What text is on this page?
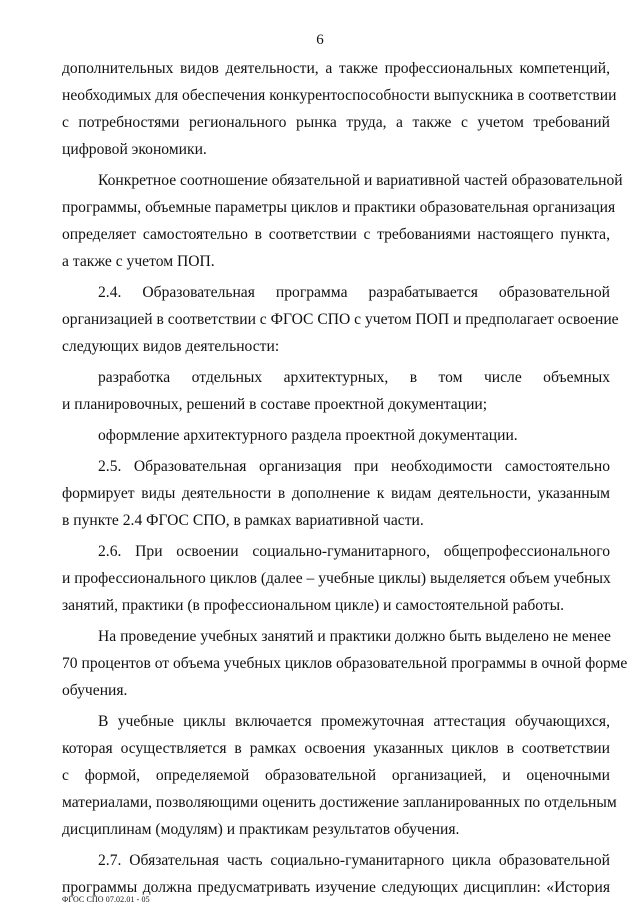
6
дополнительных видов деятельности, а также профессиональных компетенций,
необходимых для обеспечения конкурентоспособности выпускника в соответствии
с потребностями регионального рынка труда, а также с учетом требований
цифровой экономики.
Конкретное соотношение обязательной и вариативной частей образовательной
программы, объемные параметры циклов и практики образовательная организация
определяет самостоятельно в соответствии с требованиями настоящего пункта,
а также с учетом ПОП.
2.4. Образовательная программа разрабатывается образовательной
организацией в соответствии с ФГОС СПО с учетом ПОП и предполагает освоение
следующих видов деятельности:
разработка отдельных архитектурных, в том числе объемных
и планировочных, решений в составе проектной документации;
оформление архитектурного раздела проектной документации.
2.5. Образовательная организация при необходимости самостоятельно
формирует виды деятельности в дополнение к видам деятельности, указанным
в пункте 2.4 ФГОС СПО, в рамках вариативной части.
2.6. При освоении социально-гуманитарного, общепрофессионального
и профессионального циклов (далее – учебные циклы) выделяется объем учебных
занятий, практики (в профессиональном цикле) и самостоятельной работы.
На проведение учебных занятий и практики должно быть выделено не менее
70 процентов от объема учебных циклов образовательной программы в очной форме
обучения.
В учебные циклы включается промежуточная аттестация обучающихся,
которая осуществляется в рамках освоения указанных циклов в соответствии
с формой, определяемой образовательной организацией, и оценочными
материалами, позволяющими оценить достижение запланированных по отдельным
дисциплинам (модулям) и практикам результатов обучения.
2.7. Обязательная часть социально-гуманитарного цикла образовательной
программы должна предусматривать изучение следующих дисциплин: «История
ФГОС СПО 07.02.01 - 05
